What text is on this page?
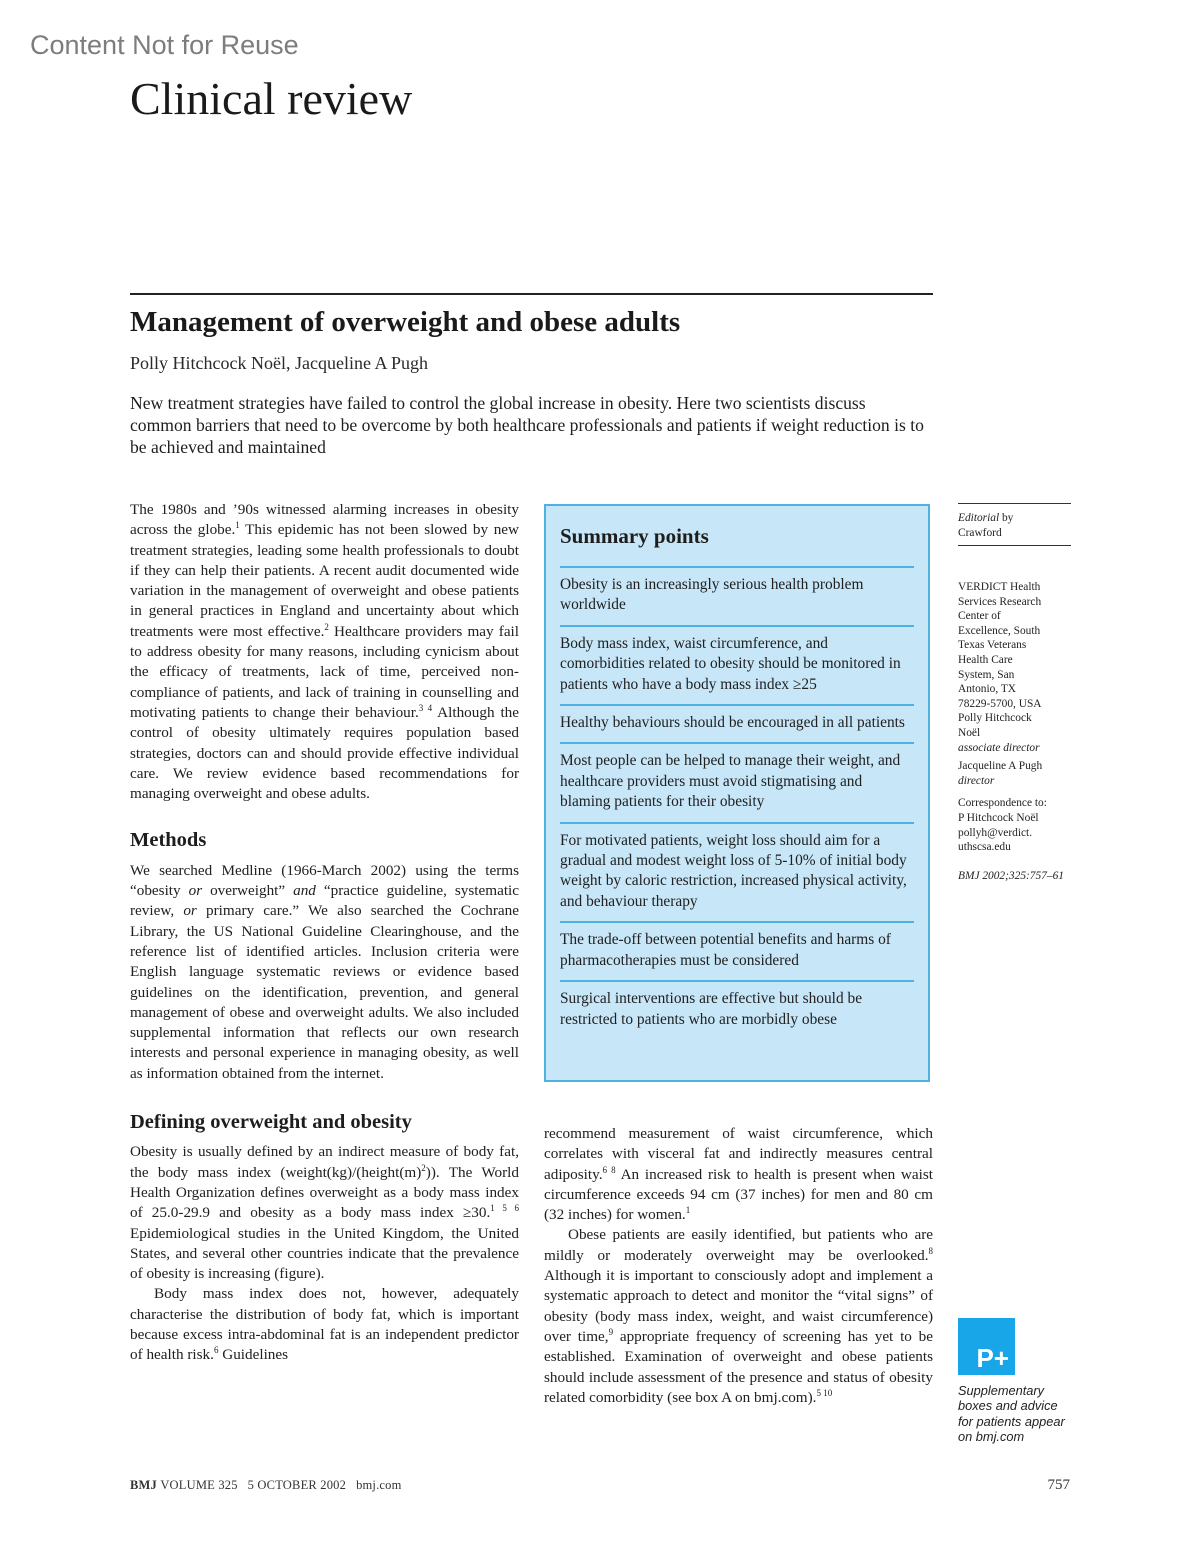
Content Not for Reuse
Clinical review
Management of overweight and obese adults
Polly Hitchcock Noël, Jacqueline A Pugh
New treatment strategies have failed to control the global increase in obesity. Here two scientists discuss common barriers that need to be overcome by both healthcare professionals and patients if weight reduction is to be achieved and maintained

The 1980s and ’90s witnessed alarming increases in obesity across the globe.$^1$ This epidemic has not been slowed by new treatment strategies, leading some health professionals to doubt if they can help their patients. A recent audit documented wide variation in the management of overweight and obese patients in general practices in England and uncertainty about which treatments were most effective.$^2$ Healthcare providers may fail to address obesity for many reasons, including cynicism about the efficacy of treatments, lack of time, perceived non-compliance of patients, and lack of training in counselling and motivating patients to change their behaviour.$^{3 4}$ Although the control of obesity ultimately requires population based strategies, doctors can and should provide effective individual care. We review evidence based recommendations for managing overweight and obese adults.

Methods

We searched Medline (1966-March 2002) using the terms “obesity or overweight” and “practice guideline, systematic review, or primary care.” We also searched the Cochrane Library, the US National Guideline Clearinghouse, and the reference list of identified articles. Inclusion criteria were English language systematic reviews or evidence based guidelines on the identification, prevention, and general management of obese and overweight adults. We also included supplemental information that reflects our own research interests and personal experience in managing obesity, as well as information obtained from the internet.

Defining overweight and obesity

Obesity is usually defined by an indirect measure of body fat, the body mass index $(weight(kg)/(height(m)^2))$. The World Health Organization defines overweight as a body mass index of 25.0-29.9 and obesity as a body mass index ≥30.$^{1 5 6}$ Epidemiological studies in the United Kingdom, the United States, and several other countries indicate that the prevalence of obesity is increasing (figure).

Body mass index does not, however, adequately characterise the distribution of body fat, which is important because excess intra-abdominal fat is an independent predictor of health risk.$^6$ Guidelines

Summary points
Obesity is an increasingly serious health problem worldwide
Body mass index, waist circumference, and comorbidities related to obesity should be monitored in patients who have a body mass index ≥25
Healthy behaviours should be encouraged in all patients
Most people can be helped to manage their weight, and healthcare providers must avoid stigmatising and blaming patients for their obesity
For motivated patients, weight loss should aim for a gradual and modest weight loss of 5-10% of initial body weight by caloric restriction, increased physical activity, and behaviour therapy
The trade-off between potential benefits and harms of pharmacotherapies must be considered
Surgical interventions are effective but should be restricted to patients who are morbidly obese

recommend measurement of waist circumference, which correlates with visceral fat and indirectly measures central adiposity.$^{6 8}$ An increased risk to health is present when waist circumference exceeds 94 cm (37 inches) for men and 80 cm (32 inches) for women.$^1$

Obese patients are easily identified, but patients who are mildly or moderately overweight may be overlooked.$^8$ Although it is important to consciously adopt and implement a systematic approach to detect and monitor the “vital signs” of obesity (body mass index, weight, and waist circumference) over time,$^9$ appropriate frequency of screening has yet to be established. Examination of overweight and obese patients should include assessment of the presence and status of obesity related comorbidity (see box A on bmj.com).$^{5 10}$

Editorial by
Crawford
VERDICT Health
Services Research
Center of
Excellence, South
Texas Veterans
Health Care
System, San
Antonio, TX
78229-5700, USA
Polly Hitchcock
Noël
associate director
Jacqueline A Pugh
director
Correspondence to:
P Hitchcock Noël
pollyh@verdict.
uthscsa.edu
BMJ 2002;325:757–61
P+
Supplementary
boxes and advice
for patients appear
on bmj.com
BMJ VOLUME 325 5 OCTOBER 2002 bmj.com	757
